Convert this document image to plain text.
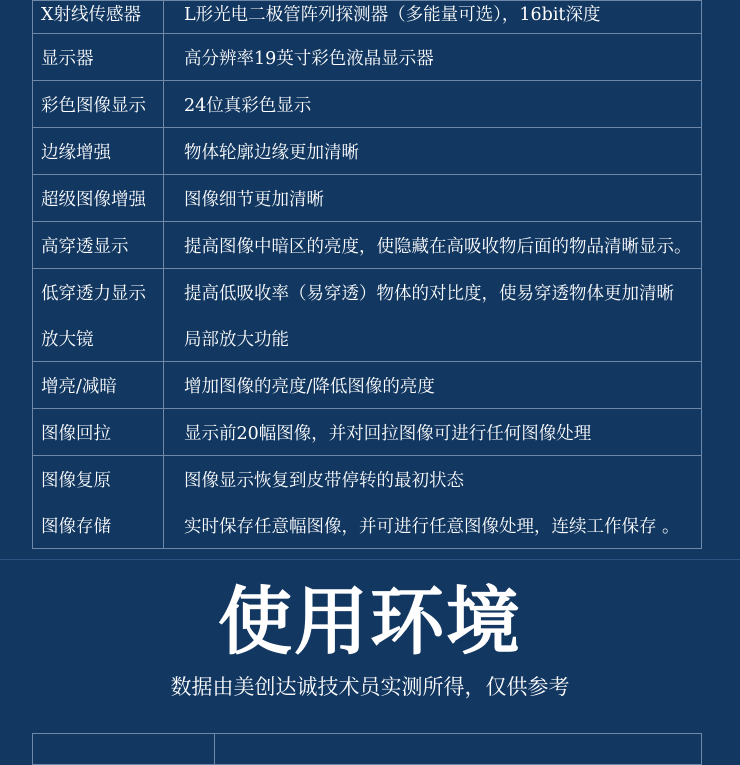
X射线传感器	L形光电二极管阵列探测器（多能量可选），16bit深度
显示器	高分辨率19英寸彩色液晶显示器
彩色图像显示	24位真彩色显示
边缘增强	物体轮廓边缘更加清晰
超级图像增强	图像细节更加清晰
高穿透显示	提高图像中暗区的亮度，使隐藏在高吸收物后面的物品清晰显示。
低穿透力显示	提高低吸收率（易穿透）物体的对比度，使易穿透物体更加清晰
放大镜	局部放大功能
增亮/减暗	增加图像的亮度/降低图像的亮度
图像回拉	显示前20幅图像，并对回拉图像可进行任何图像处理
图像复原	图像显示恢复到皮带停转的最初状态
图像存储	实时保存任意幅图像，并可进行任意图像处理，连续工作保存 。
使用环境
数据由美创达诚技术员实测所得，仅供参考
